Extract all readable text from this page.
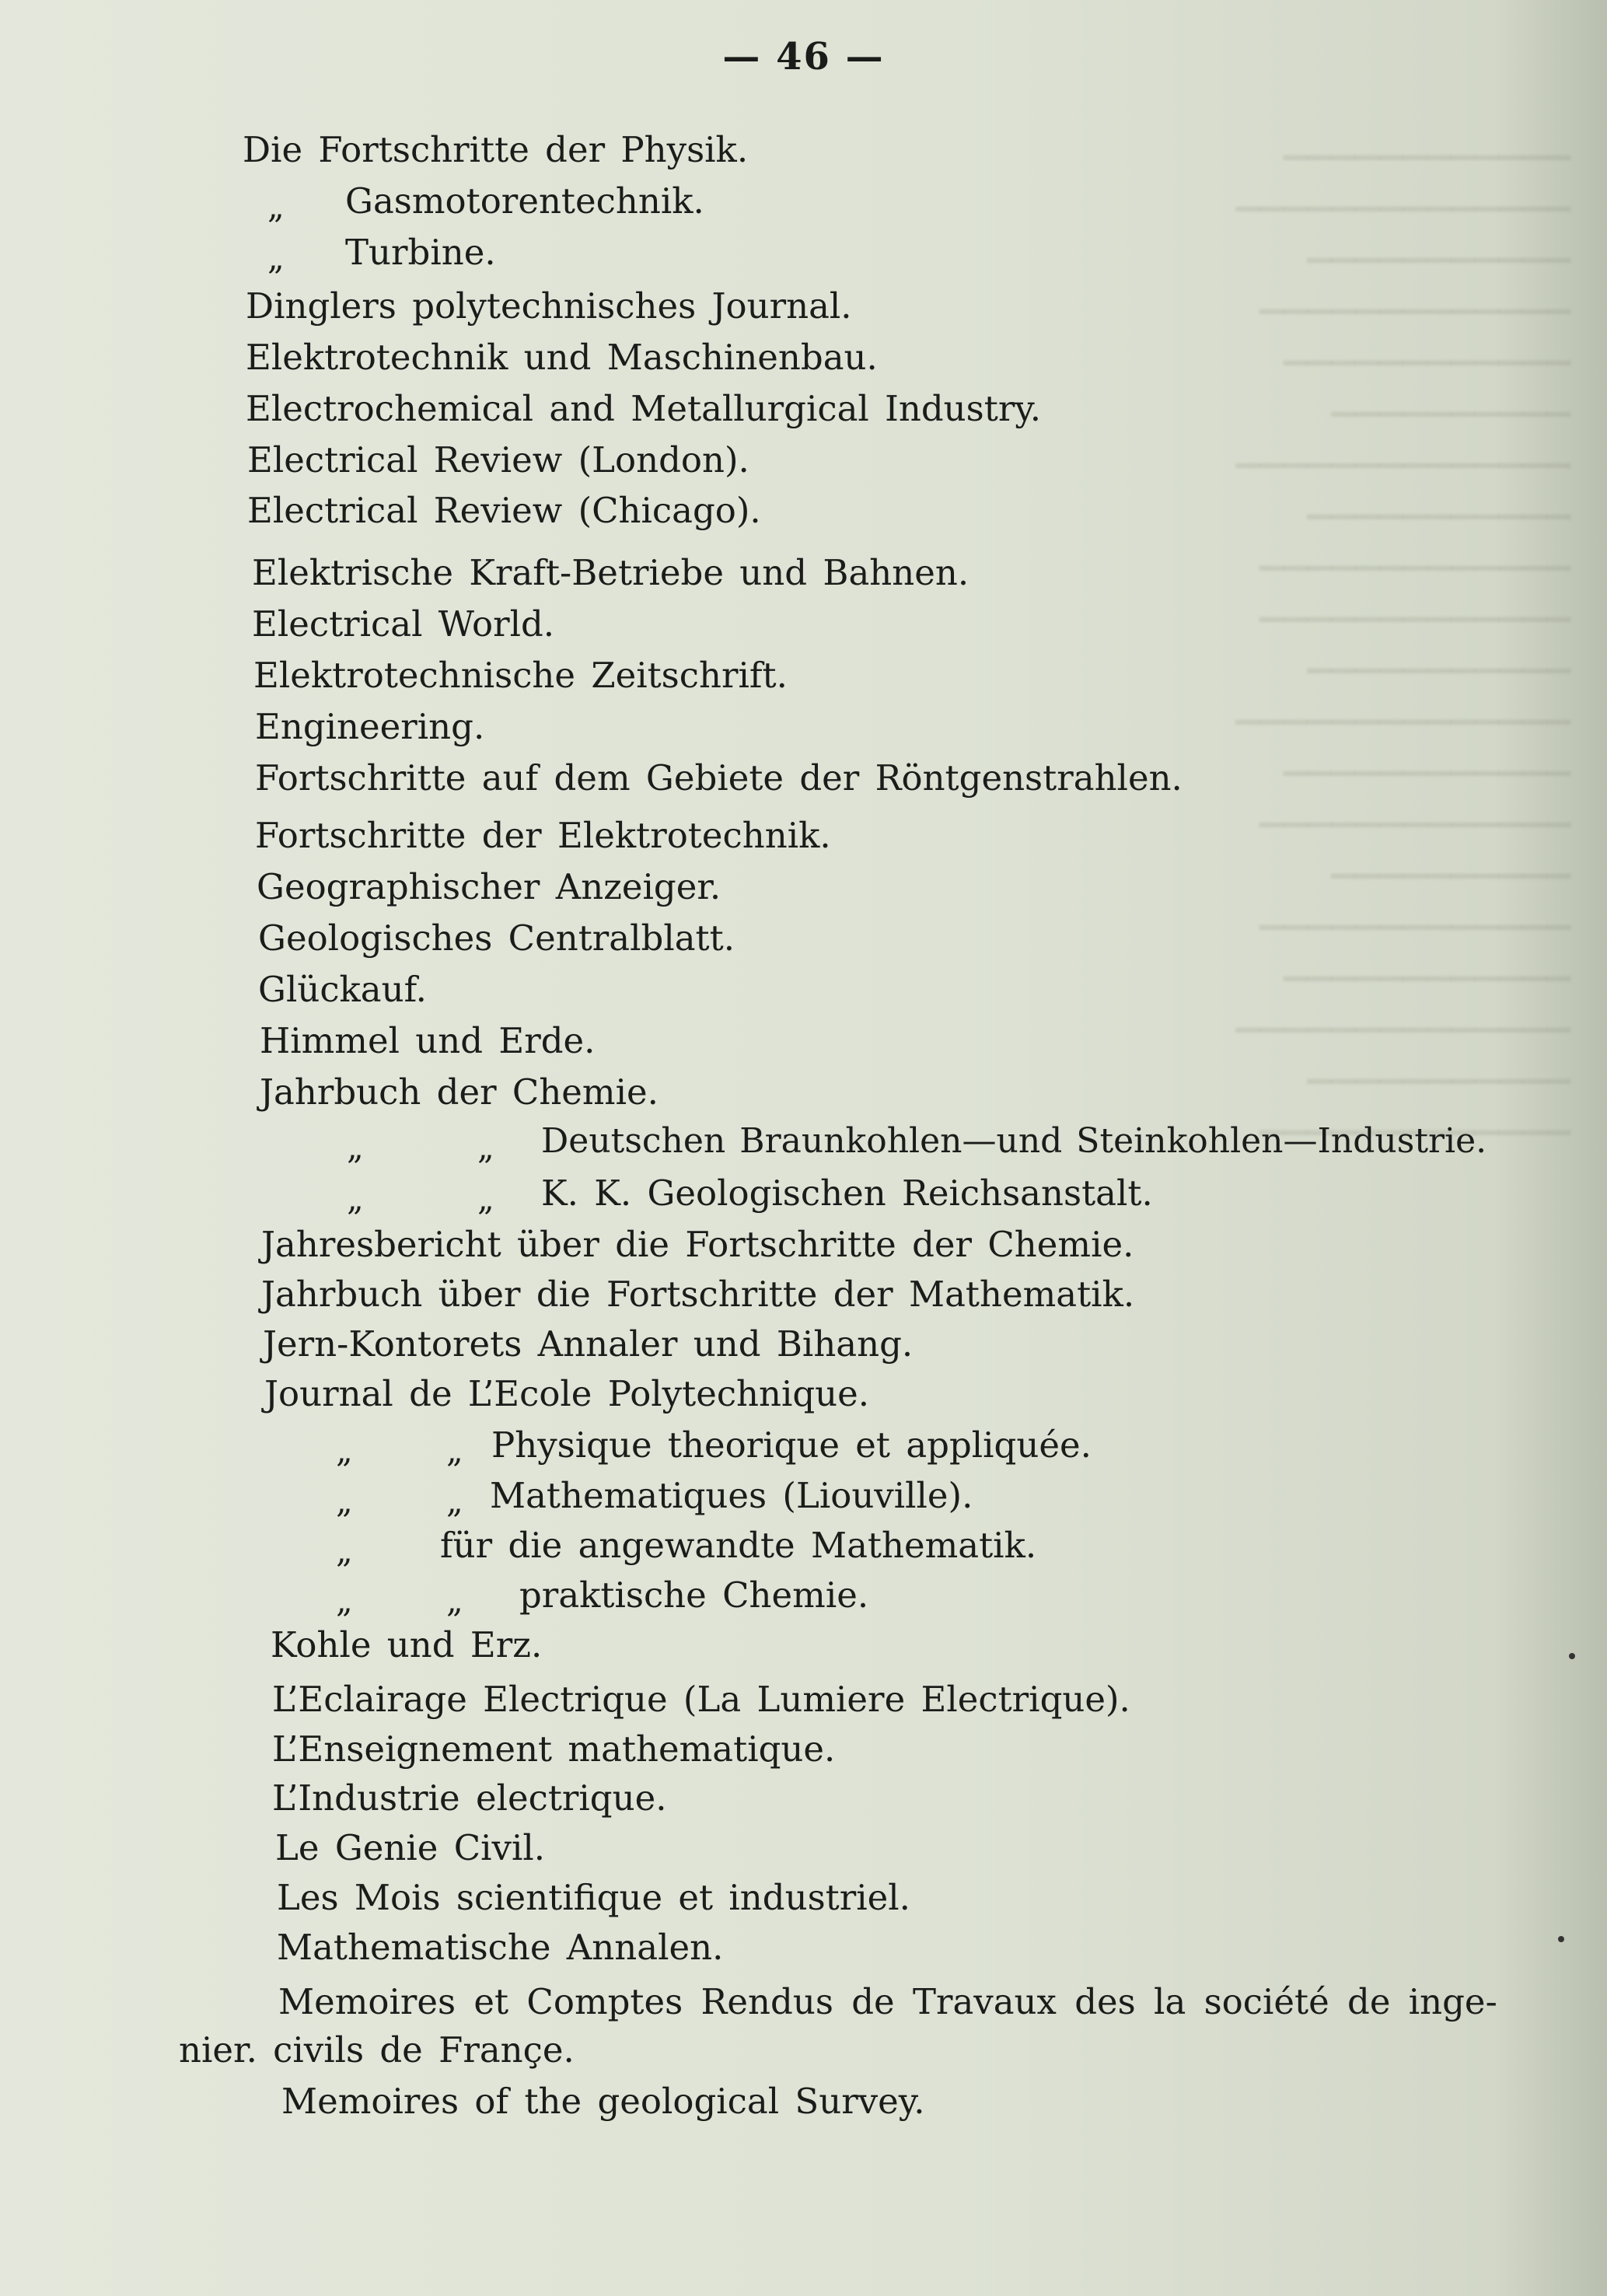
▁▁▁▁▁▁▁▁▁▁▁▁
▁▁▁▁▁▁▁▁▁▁▁▁▁▁
▁▁▁▁▁▁▁▁▁▁▁
▁▁▁▁▁▁▁▁▁▁▁▁▁
▁▁▁▁▁▁▁▁▁▁▁▁
▁▁▁▁▁▁▁▁▁▁
▁▁▁▁▁▁▁▁▁▁▁▁▁▁
▁▁▁▁▁▁▁▁▁▁▁
▁▁▁▁▁▁▁▁▁▁▁▁▁
▁▁▁▁▁▁▁▁▁▁▁▁▁
▁▁▁▁▁▁▁▁▁▁▁
▁▁▁▁▁▁▁▁▁▁▁▁▁▁
▁▁▁▁▁▁▁▁▁▁▁▁
▁▁▁▁▁▁▁▁▁▁▁▁▁
▁▁▁▁▁▁▁▁▁▁
▁▁▁▁▁▁▁▁▁▁▁▁▁
▁▁▁▁▁▁▁▁▁▁▁▁
▁▁▁▁▁▁▁▁▁▁▁▁▁▁
▁▁▁▁▁▁▁▁▁▁▁
▁▁▁▁▁▁▁▁▁▁▁▁▁
— 46 —
Die Fortschritte der Physik.
„ Gasmotorentechnik.
„ Turbine.
Dinglers polytechnisches Journal.
Elektrotechnik und Maschinenbau.
Electrochemical and Metallurgical Industry.
Electrical Review (London).
Electrical Review (Chicago).
Elektrische Kraft-Betriebe und Bahnen.
Electrical World.
Elektrotechnische Zeitschrift.
Engineering.
Fortschritte auf dem Gebiete der Röntgenstrahlen.
Fortschritte der Elektrotechnik.
Geographischer Anzeiger.
Geologisches Centralblatt.
Glückauf.
Himmel und Erde.
Jahrbuch der Chemie.
„	„ Deutschen Braunkohlen—und Steinkohlen—Industrie.
„	„ K. K. Geologischen Reichsanstalt.
Jahresbericht über die Fortschritte der Chemie.
Jahrbuch über die Fortschritte der Mathematik.
Jern-Kontorets Annaler und Bihang.
Journal de L’Ecole Polytechnique.
„	„ Physique theorique et appliquée.
„	„ Mathematiques (Liouville).
„ für die angewandte Mathematik.
„	„ praktische Chemie.
Kohle und Erz.
L’Eclairage Electrique (La Lumiere Electrique).
L’Enseignement mathematique.
L’Industrie electrique.
Le Genie Civil.
Les Mois scientifique et industriel.
Mathematische Annalen.
Memoires et Comptes Rendus de Travaux des la société de inge-
nier. civils de Françe.
Memoires of the geological Survey.
